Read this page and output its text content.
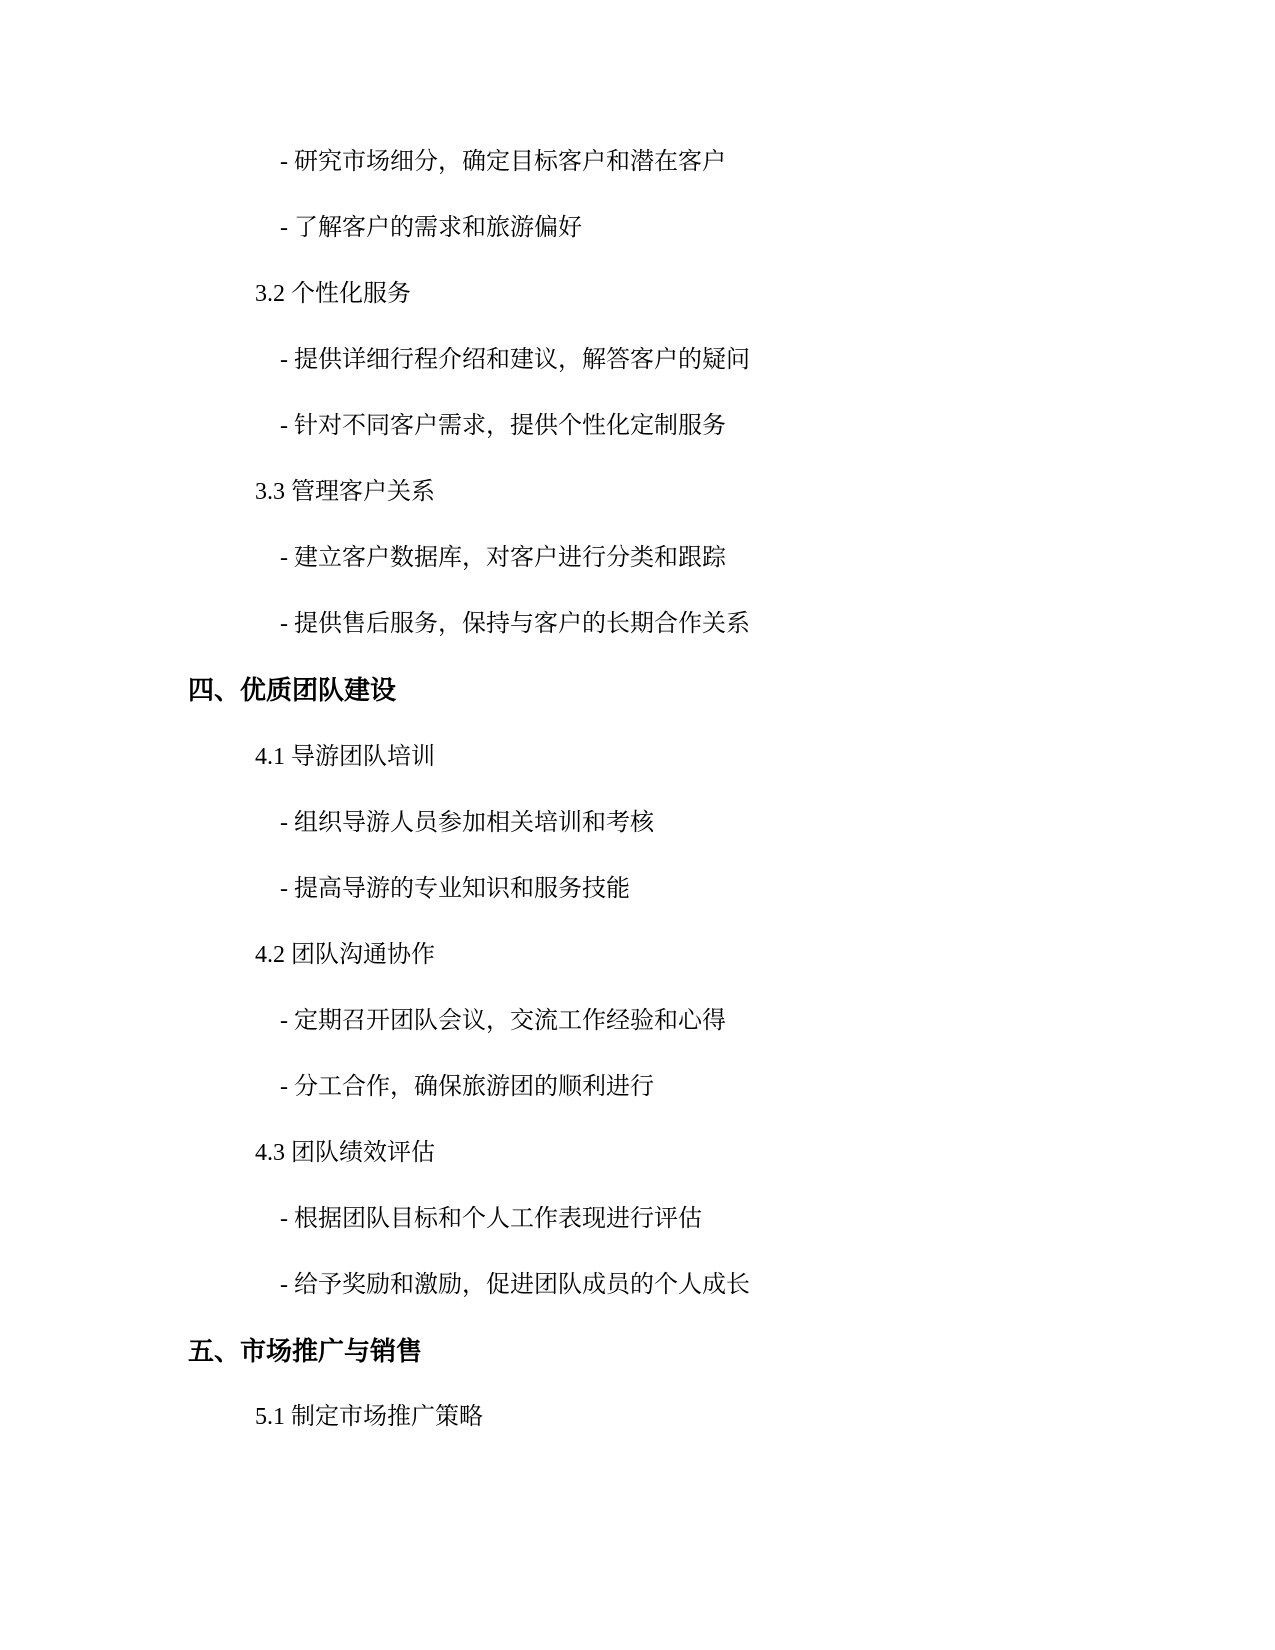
- 研究市场细分，确定目标客户和潜在客户
- 了解客户的需求和旅游偏好
3.2 个性化服务
- 提供详细行程介绍和建议，解答客户的疑问
- 针对不同客户需求，提供个性化定制服务
3.3 管理客户关系
- 建立客户数据库，对客户进行分类和跟踪
- 提供售后服务，保持与客户的长期合作关系
四、优质团队建设
4.1 导游团队培训
- 组织导游人员参加相关培训和考核
- 提高导游的专业知识和服务技能
4.2 团队沟通协作
- 定期召开团队会议，交流工作经验和心得
- 分工合作，确保旅游团的顺利进行
4.3 团队绩效评估
- 根据团队目标和个人工作表现进行评估
- 给予奖励和激励，促进团队成员的个人成长
五、市场推广与销售
5.1 制定市场推广策略
